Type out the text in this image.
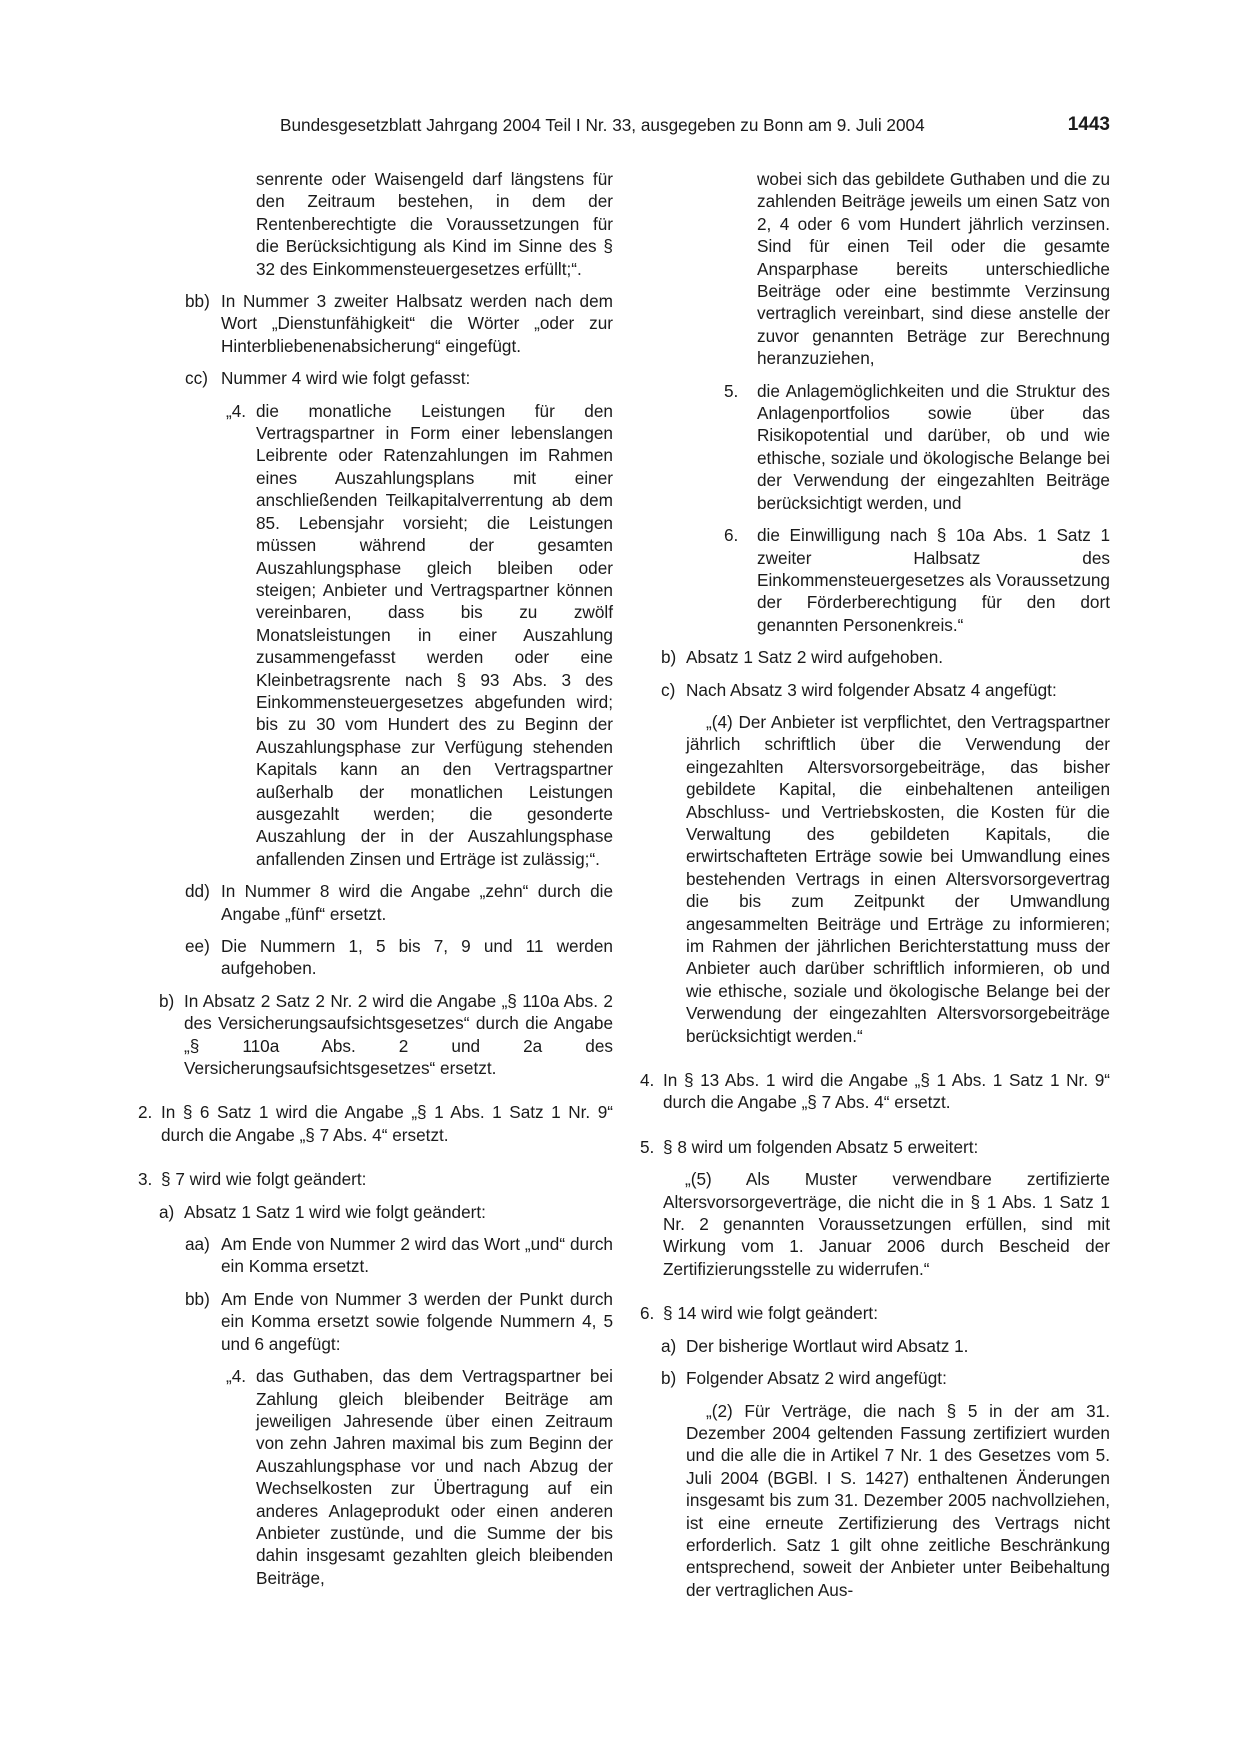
Bundesgesetzblatt Jahrgang 2004 Teil I Nr. 33, ausgegeben zu Bonn am 9. Juli 2004	1443

senrente oder Waisengeld darf längstens für den Zeitraum bestehen, in dem der Rentenberechtigte die Voraussetzungen für die Berücksichtigung als Kind im Sinne des § 32 des Einkommensteuergesetzes erfüllt;“.

bb) In Nummer 3 zweiter Halbsatz werden nach dem Wort „Dienstunfähigkeit“ die Wörter „oder zur Hinterbliebenenabsicherung“ eingefügt.

cc) Nummer 4 wird wie folgt gefasst:

„4. die monatliche Leistungen für den Vertragspartner in Form einer lebenslangen Leibrente oder Ratenzahlungen im Rahmen eines Auszahlungsplans mit einer anschließenden Teilkapitalverrentung ab dem 85. Lebensjahr vorsieht; die Leistungen müssen während der gesamten Auszahlungsphase gleich bleiben oder steigen; Anbieter und Vertragspartner können vereinbaren, dass bis zu zwölf Monatsleistungen in einer Auszahlung zusammengefasst werden oder eine Kleinbetragsrente nach § 93 Abs. 3 des Einkommensteuergesetzes abgefunden wird; bis zu 30 vom Hundert des zu Beginn der Auszahlungsphase zur Verfügung stehenden Kapitals kann an den Vertragspartner außerhalb der monatlichen Leistungen ausgezahlt werden; die gesonderte Auszahlung der in der Auszahlungsphase anfallenden Zinsen und Erträge ist zulässig;“.

dd) In Nummer 8 wird die Angabe „zehn“ durch die Angabe „fünf“ ersetzt.

ee) Die Nummern 1, 5 bis 7, 9 und 11 werden aufgehoben.

b) In Absatz 2 Satz 2 Nr. 2 wird die Angabe „§ 110a Abs. 2 des Versicherungsaufsichtsgesetzes“ durch die Angabe „§ 110a Abs. 2 und 2a des Versicherungsaufsichtsgesetzes“ ersetzt.

2. In § 6 Satz 1 wird die Angabe „§ 1 Abs. 1 Satz 1 Nr. 9“ durch die Angabe „§ 7 Abs. 4“ ersetzt.

3. § 7 wird wie folgt geändert:

a) Absatz 1 Satz 1 wird wie folgt geändert:

aa) Am Ende von Nummer 2 wird das Wort „und“ durch ein Komma ersetzt.

bb) Am Ende von Nummer 3 werden der Punkt durch ein Komma ersetzt sowie folgende Nummern 4, 5 und 6 angefügt:

„4. das Guthaben, das dem Vertragspartner bei Zahlung gleich bleibender Beiträge am jeweiligen Jahresende über einen Zeitraum von zehn Jahren maximal bis zum Beginn der Auszahlungsphase vor und nach Abzug der Wechselkosten zur Übertragung auf ein anderes Anlageprodukt oder einen anderen Anbieter zustünde, und die Summe der bis dahin insgesamt gezahlten gleich bleibenden Beiträge,

wobei sich das gebildete Guthaben und die zu zahlenden Beiträge jeweils um einen Satz von 2, 4 oder 6 vom Hundert jährlich verzinsen. Sind für einen Teil oder die gesamte Ansparphase bereits unterschiedliche Beiträge oder eine bestimmte Verzinsung vertraglich vereinbart, sind diese anstelle der zuvor genannten Beträge zur Berechnung heranzuziehen,

5. die Anlagemöglichkeiten und die Struktur des Anlagenportfolios sowie über das Risikopotential und darüber, ob und wie ethische, soziale und ökologische Belange bei der Verwendung der eingezahlten Beiträge berücksichtigt werden, und

6. die Einwilligung nach § 10a Abs. 1 Satz 1 zweiter Halbsatz des Einkommensteuergesetzes als Voraussetzung der Förderberechtigung für den dort genannten Personenkreis.“

b) Absatz 1 Satz 2 wird aufgehoben.

c) Nach Absatz 3 wird folgender Absatz 4 angefügt:

„(4) Der Anbieter ist verpflichtet, den Vertragspartner jährlich schriftlich über die Verwendung der eingezahlten Altersvorsorgebeiträge, das bisher gebildete Kapital, die einbehaltenen anteiligen Abschluss- und Vertriebskosten, die Kosten für die Verwaltung des gebildeten Kapitals, die erwirtschafteten Erträge sowie bei Umwandlung eines bestehenden Vertrags in einen Altersvorsorgevertrag die bis zum Zeitpunkt der Umwandlung angesammelten Beiträge und Erträge zu informieren; im Rahmen der jährlichen Berichterstattung muss der Anbieter auch darüber schriftlich informieren, ob und wie ethische, soziale und ökologische Belange bei der Verwendung der eingezahlten Altersvorsorgebeiträge berücksichtigt werden.“

4. In § 13 Abs. 1 wird die Angabe „§ 1 Abs. 1 Satz 1 Nr. 9“ durch die Angabe „§ 7 Abs. 4“ ersetzt.

5. § 8 wird um folgenden Absatz 5 erweitert:

„(5) Als Muster verwendbare zertifizierte Altersvorsorgeverträge, die nicht die in § 1 Abs. 1 Satz 1 Nr. 2 genannten Voraussetzungen erfüllen, sind mit Wirkung vom 1. Januar 2006 durch Bescheid der Zertifizierungsstelle zu widerrufen.“

6. § 14 wird wie folgt geändert:

a) Der bisherige Wortlaut wird Absatz 1.

b) Folgender Absatz 2 wird angefügt:

„(2) Für Verträge, die nach § 5 in der am 31. Dezember 2004 geltenden Fassung zertifiziert wurden und die alle die in Artikel 7 Nr. 1 des Gesetzes vom 5. Juli 2004 (BGBl. I S. 1427) enthaltenen Änderungen insgesamt bis zum 31. Dezember 2005 nachvollziehen, ist eine erneute Zertifizierung des Vertrags nicht erforderlich. Satz 1 gilt ohne zeitliche Beschränkung entsprechend, soweit der Anbieter unter Beibehaltung der vertraglichen Aus-
